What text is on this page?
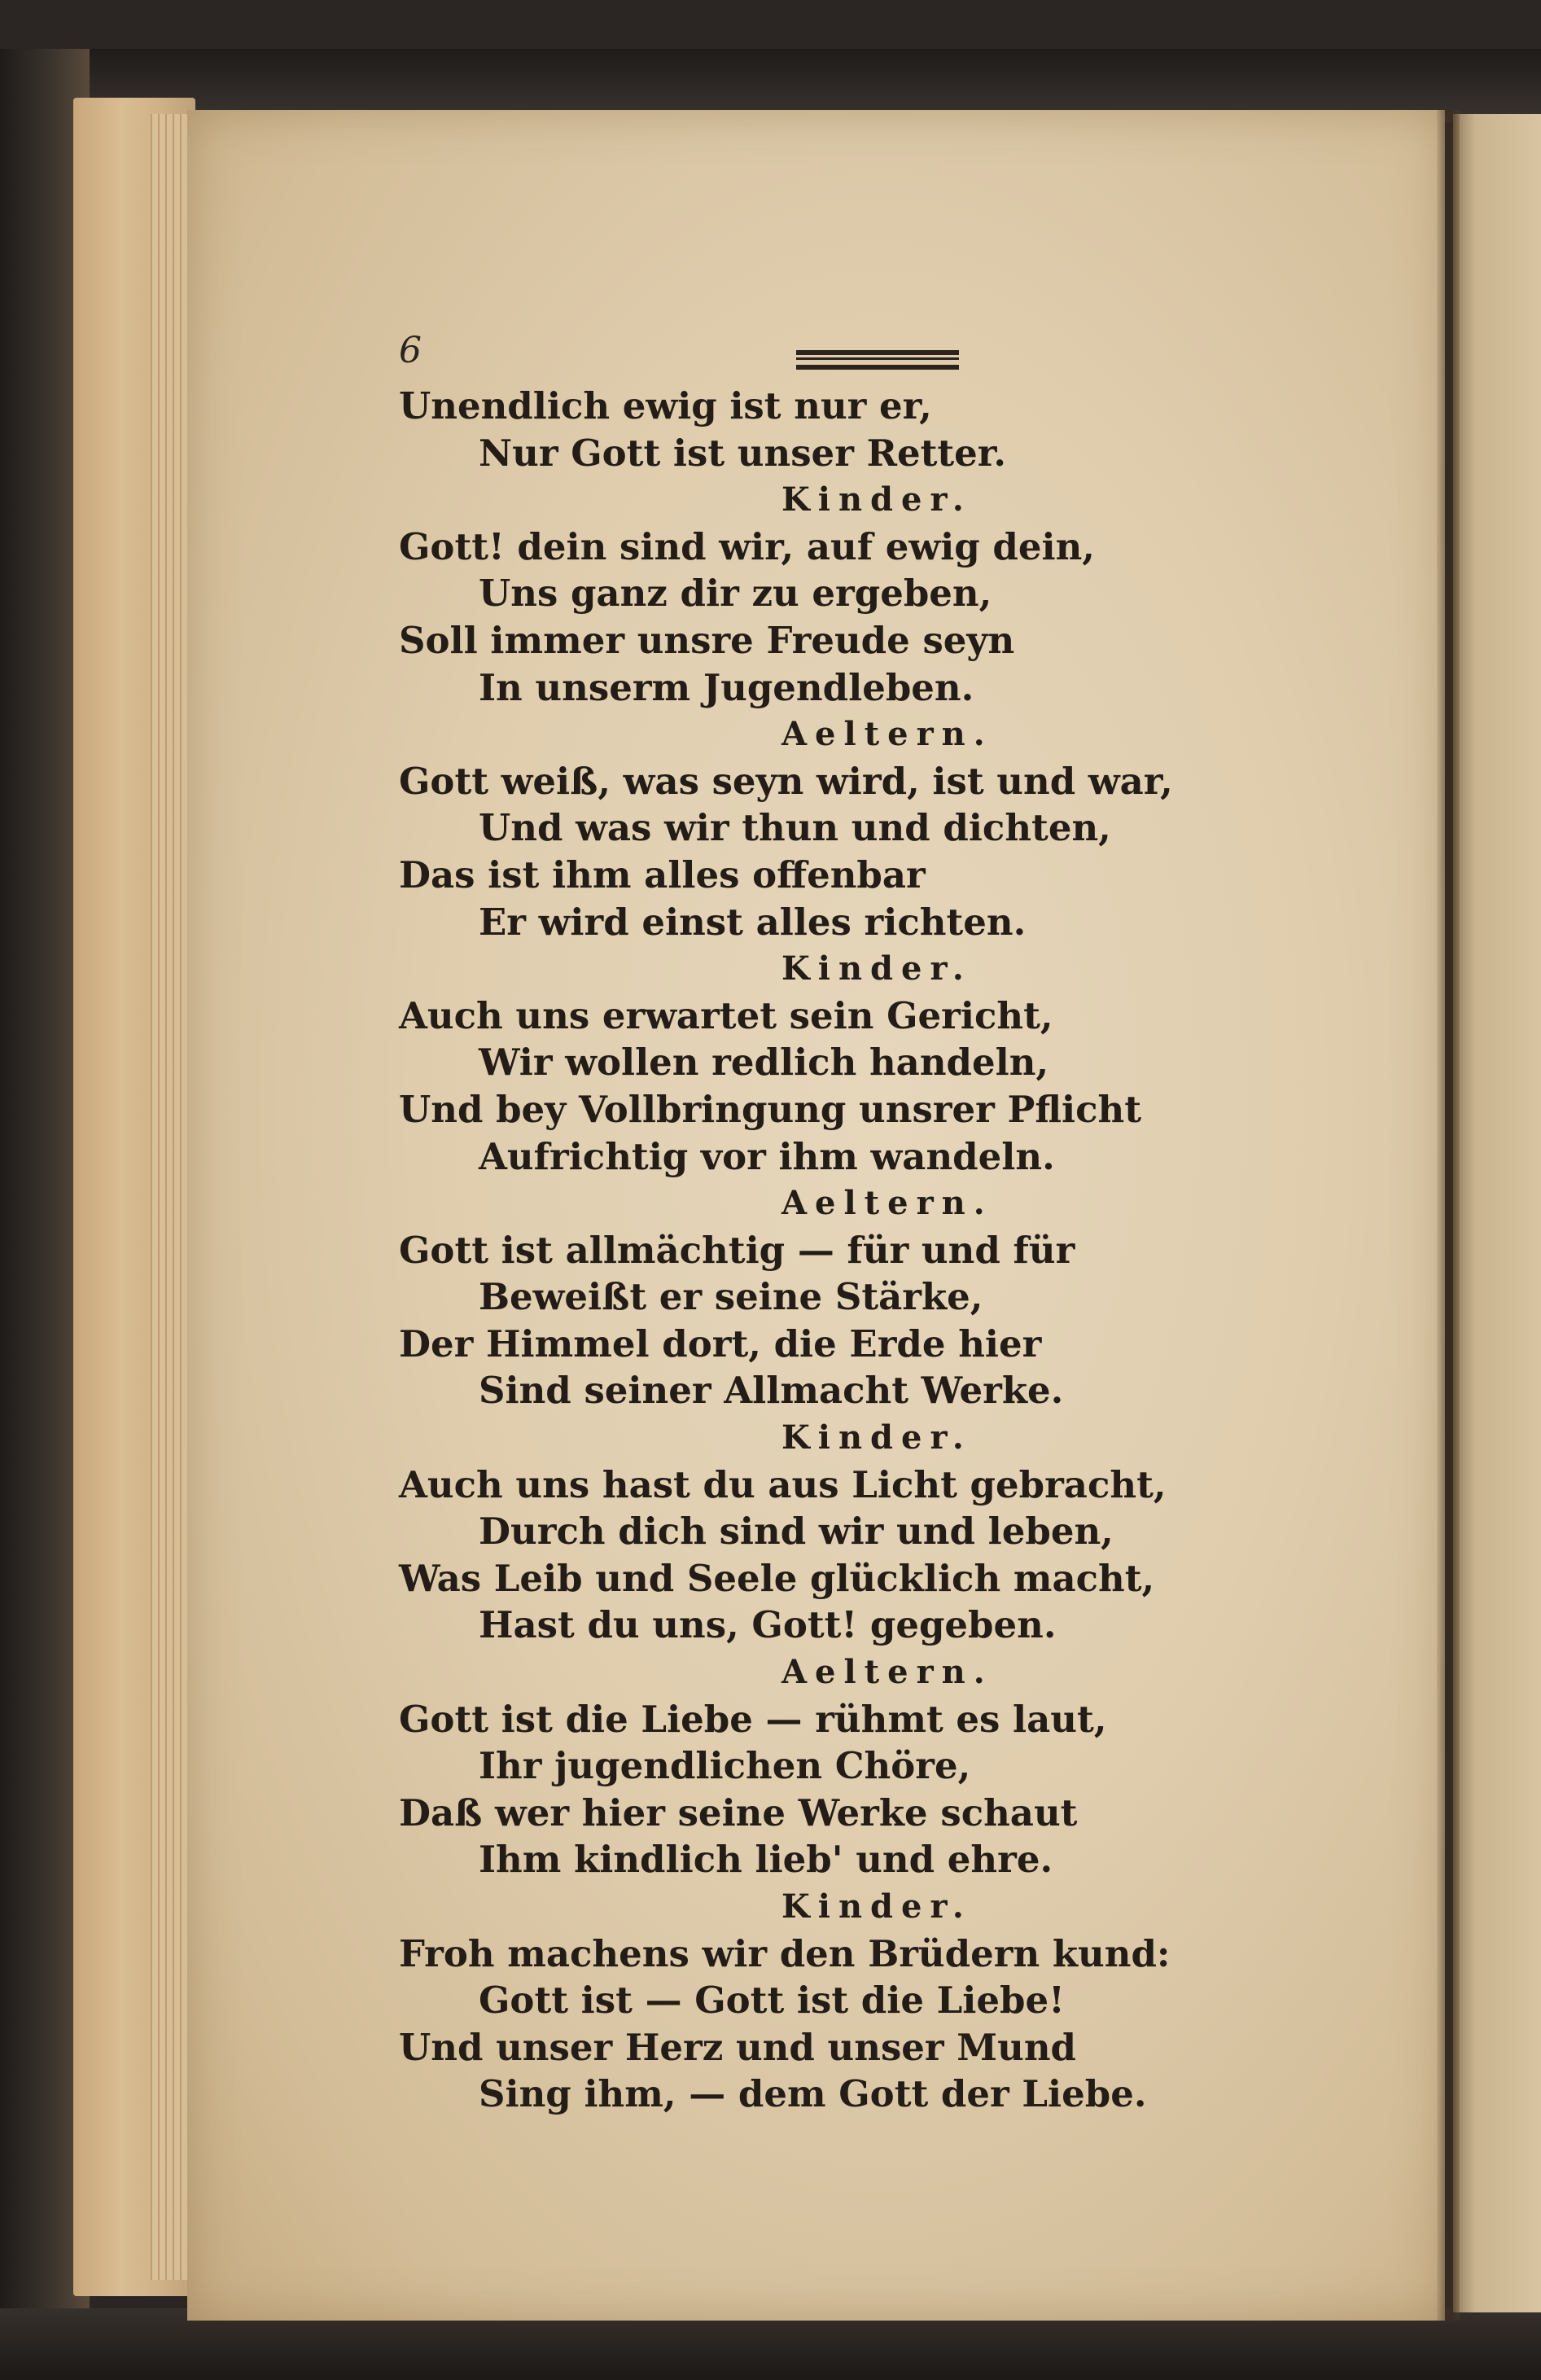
6

Unendlich ewig ist nur er,
Nur Gott ist unser Retter.
Kinder.
Gott! dein sind wir, auf ewig dein,
Uns ganz dir zu ergeben,
Soll immer unsre Freude seyn
In unserm Jugendleben.
Aeltern.
Gott weiß, was seyn wird, ist und war,
Und was wir thun und dichten,
Das ist ihm alles offenbar
Er wird einst alles richten.
Kinder.
Auch uns erwartet sein Gericht,
Wir wollen redlich handeln,
Und bey Vollbringung unsrer Pflicht
Aufrichtig vor ihm wandeln.
Aeltern.
Gott ist allmächtig — für und für
Beweißt er seine Stärke,
Der Himmel dort, die Erde hier
Sind seiner Allmacht Werke.
Kinder.
Auch uns hast du aus Licht gebracht,
Durch dich sind wir und leben,
Was Leib und Seele glücklich macht,
Hast du uns, Gott! gegeben.
Aeltern.
Gott ist die Liebe — rühmt es laut,
Ihr jugendlichen Chöre,
Daß wer hier seine Werke schaut
Ihm kindlich lieb' und ehre.
Kinder.
Froh machens wir den Brüdern kund:
Gott ist — Gott ist die Liebe!
Und unser Herz und unser Mund
Sing ihm, — dem Gott der Liebe.
